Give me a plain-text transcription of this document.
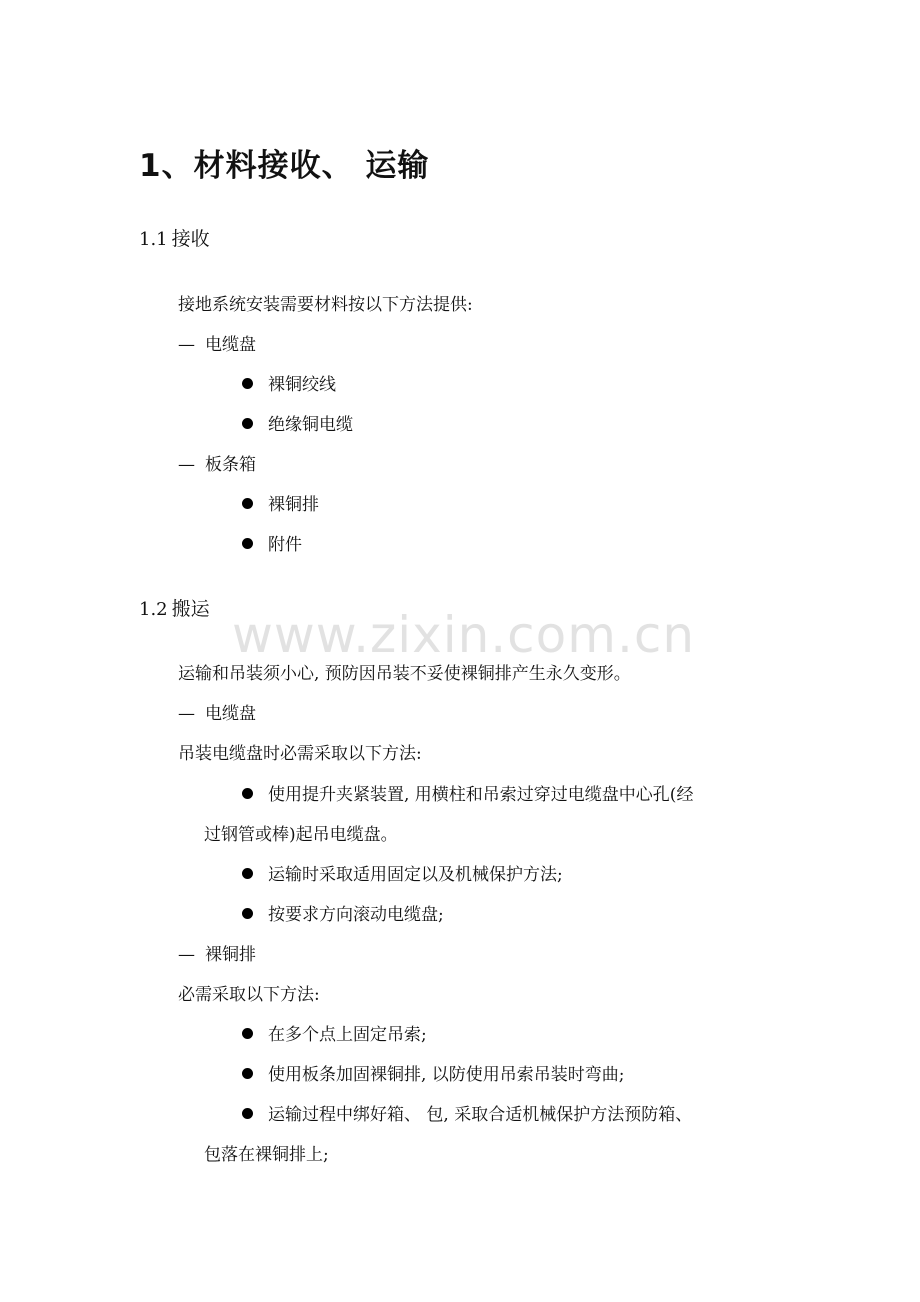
1、材料接收、 运输
1.1 接收
接地系统安装需要材料按以下方法提供:
— 电缆盘
裸铜绞线
绝缘铜电缆
— 板条箱
裸铜排
附件
1.2 搬运 www.zixin.com.cn
运输和吊装须小心, 预防因吊装不妥使裸铜排产生永久变形。
— 电缆盘
吊装电缆盘时必需采取以下方法:
使用提升夹紧装置, 用横柱和吊索过穿过电缆盘中心孔(经
过钢管或棒)起吊电缆盘。
运输时采取适用固定以及机械保护方法;
按要求方向滚动电缆盘;
— 裸铜排
必需采取以下方法:
在多个点上固定吊索;
使用板条加固裸铜排, 以防使用吊索吊装时弯曲;
运输过程中绑好箱、 包, 采取合适机械保护方法预防箱、
包落在裸铜排上;
